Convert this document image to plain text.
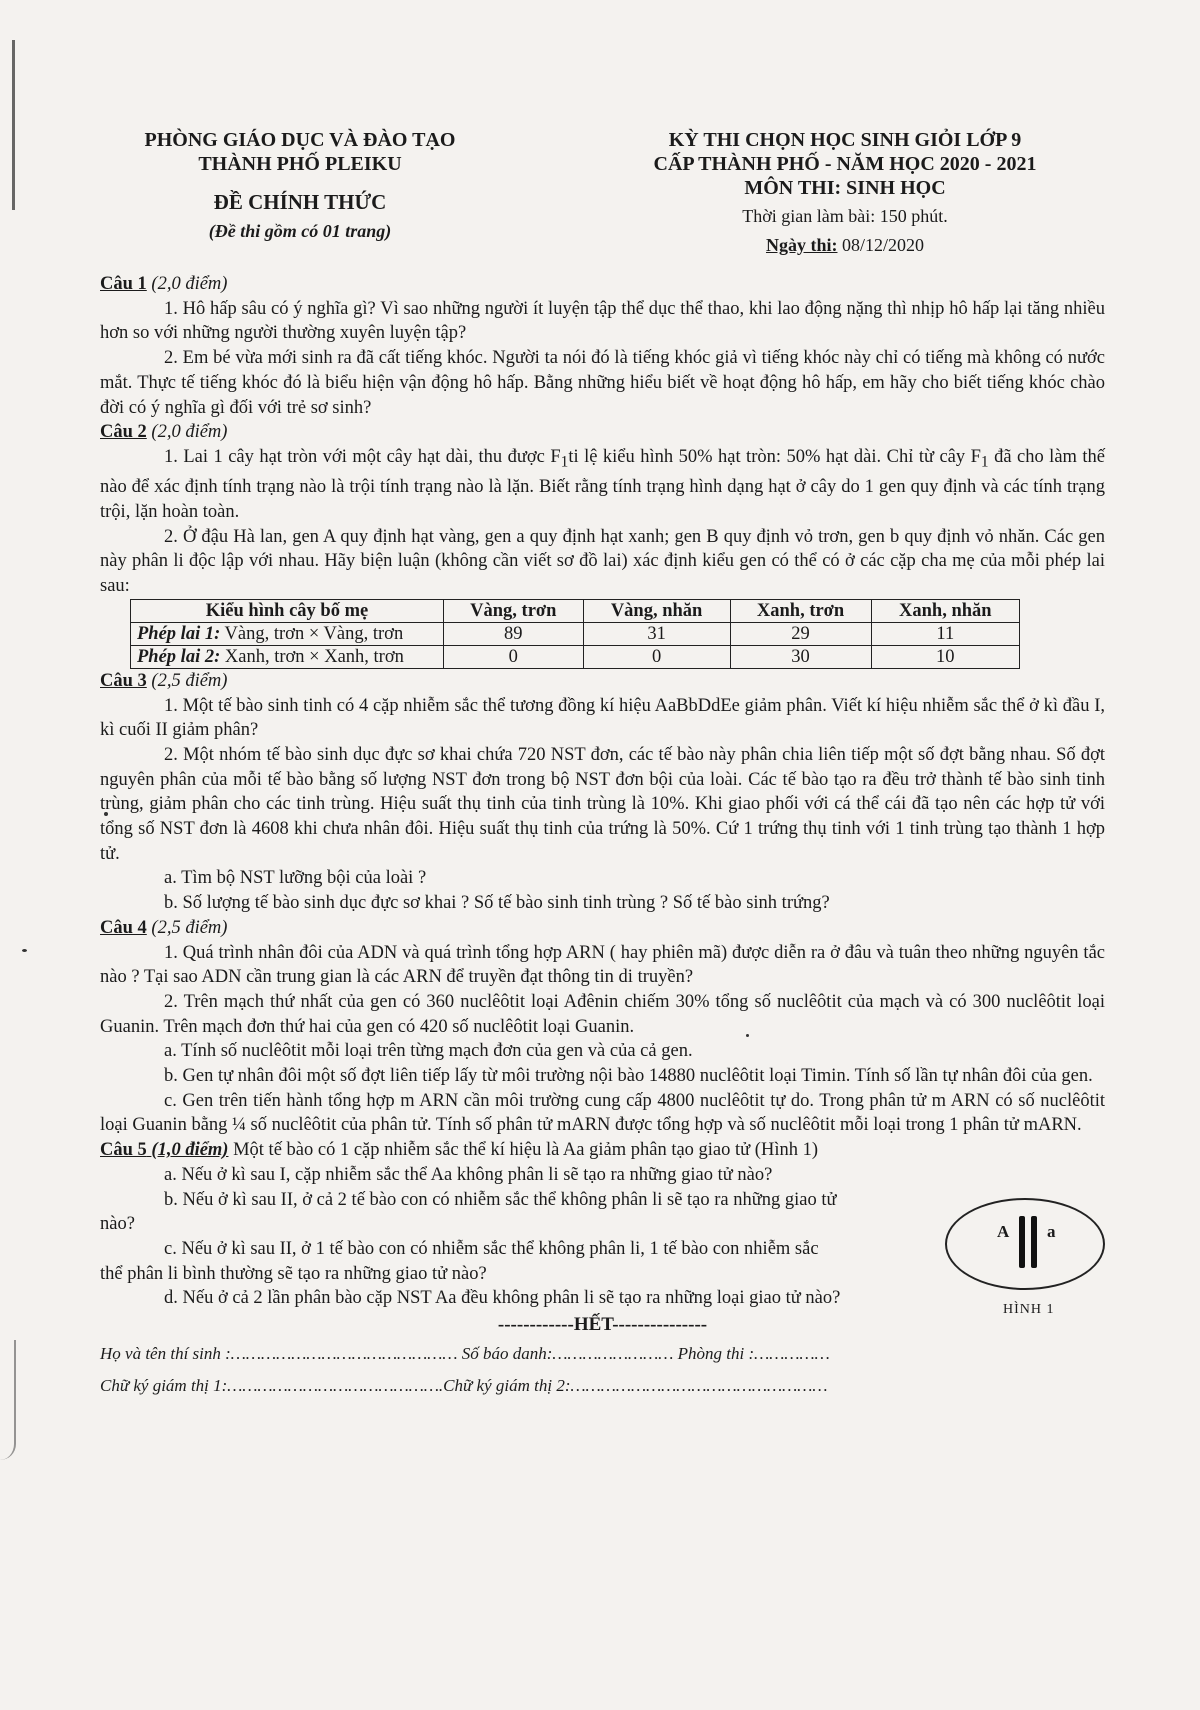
PHÒNG GIÁO DỤC VÀ ĐÀO TẠO
THÀNH PHỐ PLEIKU
ĐỀ CHÍNH THỨC
(Đề thi gồm có 01 trang)
KỲ THI CHỌN HỌC SINH GIỎI LỚP 9
CẤP THÀNH PHỐ - NĂM HỌC 2020 - 2021
MÔN THI: SINH HỌC
Thời gian làm bài: 150 phút.
Ngày thi: 08/12/2020

Câu 1 (2,0 điểm)

1. Hô hấp sâu có ý nghĩa gì? Vì sao những người ít luyện tập thể dục thể thao, khi lao động nặng thì nhịp hô hấp lại tăng nhiều hơn so với những người thường xuyên luyện tập?

2. Em bé vừa mới sinh ra đã cất tiếng khóc. Người ta nói đó là tiếng khóc giả vì tiếng khóc này chỉ có tiếng mà không có nước mắt. Thực tế tiếng khóc đó là biểu hiện vận động hô hấp. Bằng những hiểu biết về hoạt động hô hấp, em hãy cho biết tiếng khóc chào đời có ý nghĩa gì đối với trẻ sơ sinh?

Câu 2 (2,0 điểm)

1. Lai 1 cây hạt tròn với một cây hạt dài, thu được $F_1ti$ lệ kiểu hình 50% hạt tròn: 50% hạt dài. Chỉ từ cây $F_1$ đã cho làm thế nào để xác định tính trạng nào là trội tính trạng nào là lặn. Biết rằng tính trạng hình dạng hạt ở cây do 1 gen quy định và các tính trạng trội, lặn hoàn toàn.

2. Ở đậu Hà lan, gen A quy định hạt vàng, gen a quy định hạt xanh; gen B quy định vỏ trơn, gen b quy định vỏ nhăn. Các gen này phân li độc lập với nhau. Hãy biện luận (không cần viết sơ đồ lai) xác định kiểu gen có thể có ở các cặp cha mẹ của mỗi phép lai sau:

Kiểu hình cây bố mẹ	Vàng, trơn	Vàng, nhăn	Xanh, trơn	Xanh, nhăn
Phép lai 1: Vàng, trơn × Vàng, trơn	89	31	29	11
Phép lai 2: Xanh, trơn × Xanh, trơn	0	0	30	10

Câu 3 (2,5 điểm)

1. Một tế bào sinh tinh có 4 cặp nhiễm sắc thể tương đồng kí hiệu AaBbDdEe giảm phân. Viết kí hiệu nhiễm sắc thể ở kì đầu I, kì cuối II giảm phân?

2. Một nhóm tế bào sinh dục đực sơ khai chứa 720 NST đơn, các tế bào này phân chia liên tiếp một số đợt bằng nhau. Số đợt nguyên phân của mỗi tế bào bằng số lượng NST đơn trong bộ NST đơn bội của loài. Các tế bào tạo ra đều trở thành tế bào sinh tinh trùng, giảm phân cho các tinh trùng. Hiệu suất thụ tinh của tinh trùng là 10%. Khi giao phối với cá thể cái đã tạo nên các hợp tử với tổng số NST đơn là 4608 khi chưa nhân đôi. Hiệu suất thụ tinh của trứng là 50%. Cứ 1 trứng thụ tinh với 1 tinh trùng tạo thành 1 hợp tử.

a. Tìm bộ NST lưỡng bội của loài ?

b. Số lượng tế bào sinh dục đực sơ khai ? Số tế bào sinh tinh trùng ? Số tế bào sinh trứng?

Câu 4 (2,5 điểm)

1. Quá trình nhân đôi của ADN và quá trình tổng hợp ARN ( hay phiên mã) được diễn ra ở đâu và tuân theo những nguyên tắc nào ? Tại sao ADN cần trung gian là các ARN để truyền đạt thông tin di truyền?

2. Trên mạch thứ nhất của gen có 360 nuclêôtit loại Ađênin chiếm 30% tổng số nuclêôtit của mạch và có 300 nuclêôtit loại Guanin. Trên mạch đơn thứ hai của gen có 420 số nuclêôtit loại Guanin.

a. Tính số nuclêôtit mỗi loại trên từng mạch đơn của gen và của cả gen.

b. Gen tự nhân đôi một số đợt liên tiếp lấy từ môi trường nội bào 14880 nuclêôtit loại Timin. Tính số lần tự nhân đôi của gen.

c. Gen trên tiến hành tổng hợp m ARN cần môi trường cung cấp 4800 nuclêôtit tự do. Trong phân tử m ARN có số nuclêôtit loại Guanin bằng ¼ số nuclêôtit của phân tử. Tính số phân tử mARN được tổng hợp và số nuclêôtit mỗi loại trong 1 phân tử mARN.

Câu 5 (1,0 điểm) Một tế bào có 1 cặp nhiễm sắc thể kí hiệu là Aa giảm phân tạo giao tử (Hình 1)

a. Nếu ở kì sau I, cặp nhiễm sắc thể Aa không phân li sẽ tạo ra những giao tử nào?

b. Nếu ở kì sau II, ở cả 2 tế bào con có nhiễm sắc thể không phân li sẽ tạo ra những giao tử nào?

c. Nếu ở kì sau II, ở 1 tế bào con có nhiễm sắc thể không phân li, 1 tế bào con nhiễm sắc thể phân li bình thường sẽ tạo ra những giao tử nào?

d. Nếu ở cả 2 lần phân bào cặp NST Aa đều không phân li sẽ tạo ra những loại giao tử nào?

A a
HÌNH 1
------------HẾT---------------
Họ và tên thí sinh :……………………………………… Số báo danh:…………………… Phòng thi :……………
Chữ ký giám thị 1:…………………………………….Chữ ký giám thị 2:……………………………………………
